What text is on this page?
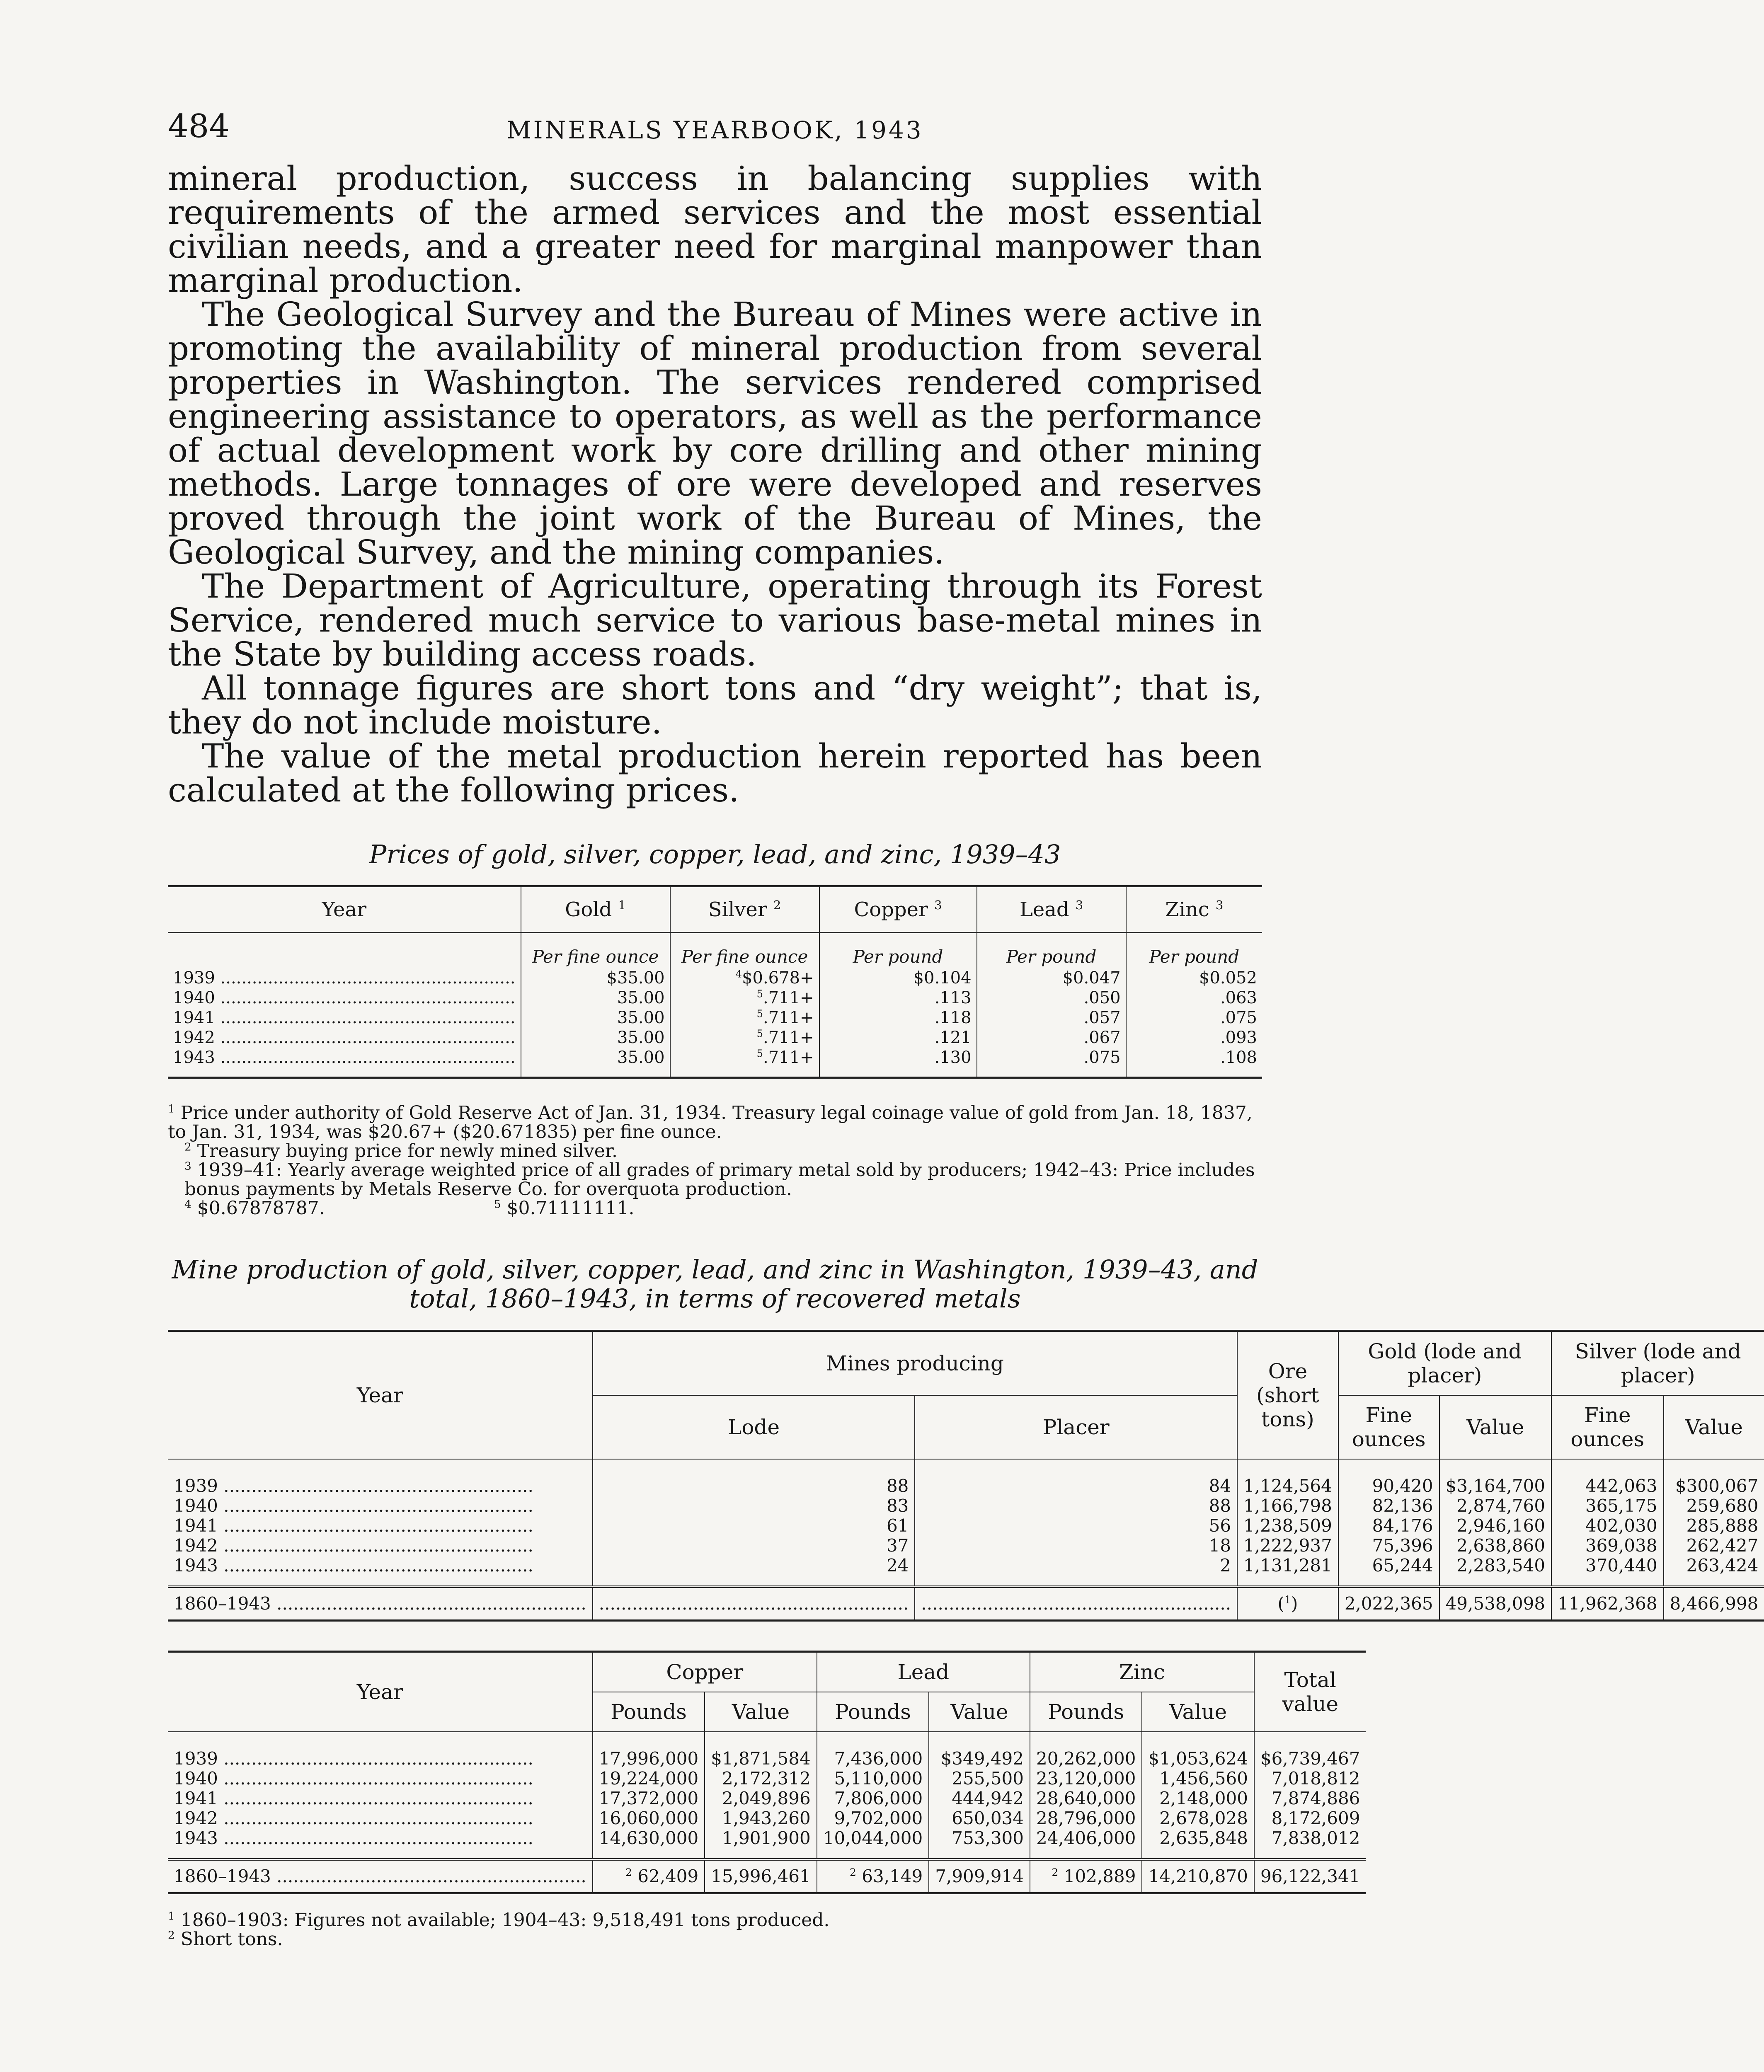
484	MINERALS YEARBOOK, 1943

mineral production, success in balancing supplies with requirements of the armed services and the most essential civilian needs, and a greater need for marginal manpower than marginal production.

The Geological Survey and the Bureau of Mines were active in promoting the availability of mineral production from several properties in Washington. The services rendered comprised engineering assistance to operators, as well as the performance of actual development work by core drilling and other mining methods. Large tonnages of ore were developed and reserves proved through the joint work of the Bureau of Mines, the Geological Survey, and the mining companies.

The Department of Agriculture, operating through its Forest Service, rendered much service to various base-metal mines in the State by building access roads.

All tonnage figures are short tons and “dry weight”; that is, they do not include moisture.

The value of the metal production herein reported has been calculated at the following prices.

Prices of gold, silver, copper, lead, and zinc, 1939–43
Year	Gold $^1$	Silver $^2$	Copper $^3$	Lead $^3$	Zinc $^3$
	Per fine ounce	Per fine ounce	Per pound	Per pound	Per pound
1939 .....	$35.00	$^4$\$0.678+	$0.104	$0.047	$0.052
1940 .....	35.00	$^5$.711+	.113	.050	.063
1941 .....	35.00	$^5$.711+	.118	.057	.075
1942 .....	35.00	$^5$.711+	.121	.067	.093
1943 .....	35.00	$^5$.711+	.130	.075	.108

$^1$ Price under authority of Gold Reserve Act of Jan. 31, 1934. Treasury legal coinage value of gold from Jan. 18, 1837, to Jan. 31, 1934, was $20.67+ ($20.671835) per fine ounce.

$^2$ Treasury buying price for newly mined silver.

$^3$ 1939–41: Yearly average weighted price of all grades of primary metal sold by producers; 1942–43: Price includes bonus payments by Metals Reserve Co. for overquota production.

$^4$ $0.67878787.	$^5$ $0.71111111.

Mine production of gold, silver, copper, lead, and zinc in Washington, 1939–43, and
total, 1860–1943, in terms of recovered metals
Year	Mines producing		Ore (short tons)	Gold (lode and placer)		Silver (lode and placer)	
	Lode	Placer		Fine ounces	Value	Fine ounces	Value
1939 .....	88	84	1,124,564	90,420	$3,164,700	442,063	$300,067
1940 .....	83	88	1,166,798	82,136	2,874,760	365,175	259,680
1941 .....	61	56	1,238,509	84,176	2,946,160	402,030	285,888
1942 .....	37	18	1,222,937	75,396	2,638,860	369,038	262,427
1943 .....	24	2	1,131,281	65,244	2,283,540	370,440	263,424
1860–1943 .....	.....	.....	($^1$)	2,022,365	49,538,098	11,962,368	8,466,998
Year	Copper		Lead		Zinc		Total value
	Pounds	Value	Pounds	Value	Pounds	Value	
1939 .....	17,996,000	$1,871,584	7,436,000	$349,492	20,262,000	$1,053,624	$6,739,467
1940 .....	19,224,000	2,172,312	5,110,000	255,500	23,120,000	1,456,560	7,018,812
1941 .....	17,372,000	2,049,896	7,806,000	444,942	28,640,000	2,148,000	7,874,886
1942 .....	16,060,000	1,943,260	9,702,000	650,034	28,796,000	2,678,028	8,172,609
1943 .....	14,630,000	1,901,900	10,044,000	753,300	24,406,000	2,635,848	7,838,012
1860–1943 .....	$^2$ 62,409	15,996,461	$^2$ 63,149	7,909,914	$^2$ 102,889	14,210,870	96,122,341

$^1$ 1860–1903: Figures not available; 1904–43: 9,518,491 tons produced.

$^2$ Short tons.
